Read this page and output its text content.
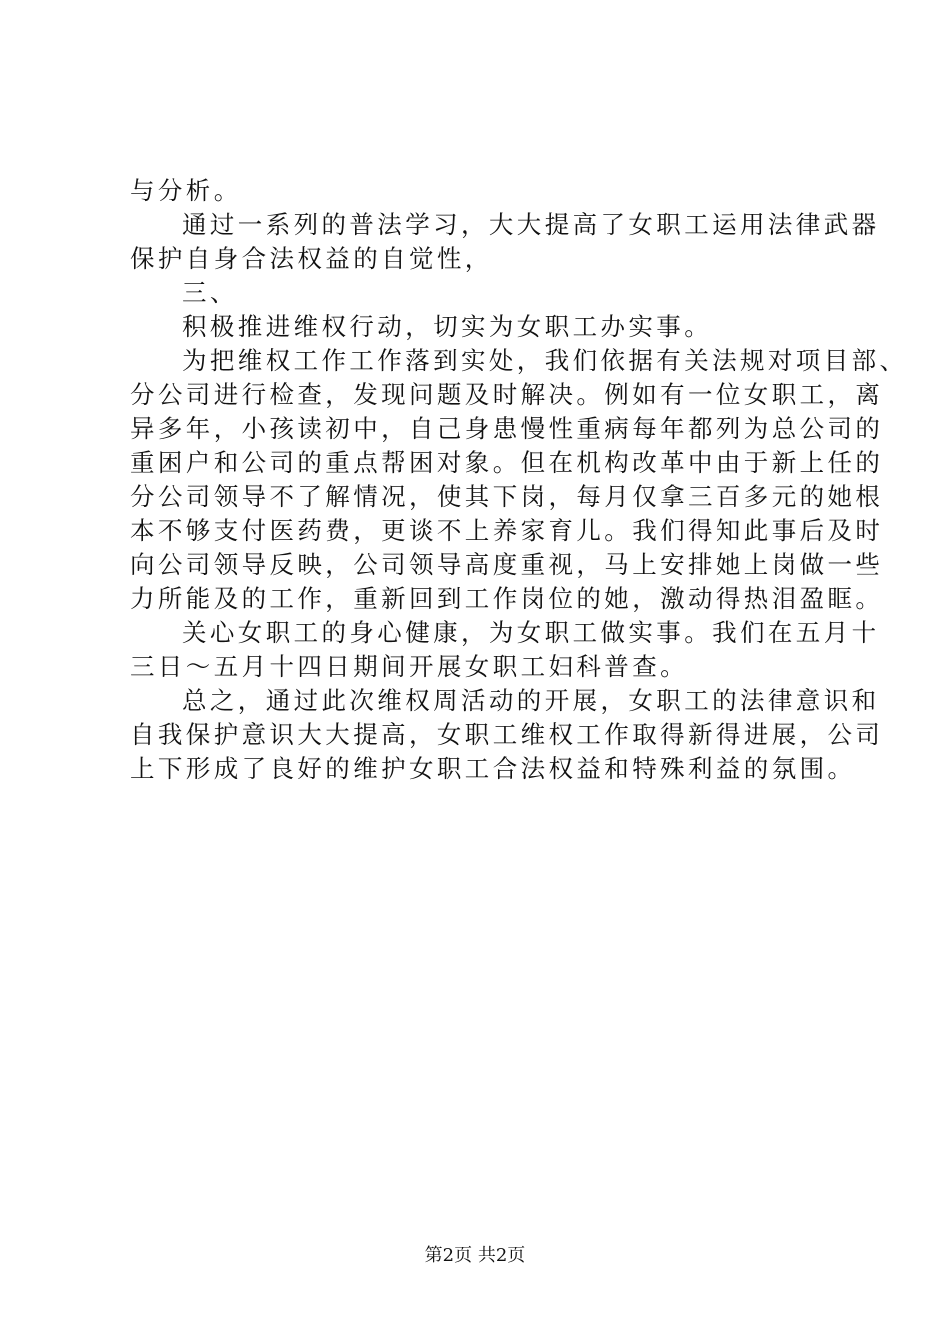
与分析。
通过一系列的普法学习，大大提高了女职工运用法律武器
保护自身合法权益的自觉性，
三、
积极推进维权行动，切实为女职工办实事。
为把维权工作工作落到实处，我们依据有关法规对项目部、
分公司进行检查，发现问题及时解决。例如有一位女职工，离
异多年，小孩读初中，自己身患慢性重病每年都列为总公司的
重困户和公司的重点帮困对象。但在机构改革中由于新上任的
分公司领导不了解情况，使其下岗，每月仅拿三百多元的她根
本不够支付医药费，更谈不上养家育儿。我们得知此事后及时
向公司领导反映，公司领导高度重视，马上安排她上岗做一些
力所能及的工作，重新回到工作岗位的她，激动得热泪盈眶。
关心女职工的身心健康，为女职工做实事。我们在五月十
三日～五月十四日期间开展女职工妇科普查。
总之，通过此次维权周活动的开展，女职工的法律意识和
自我保护意识大大提高，女职工维权工作取得新得进展，公司
上下形成了良好的维护女职工合法权益和特殊利益的氛围。
第2页 共2页
